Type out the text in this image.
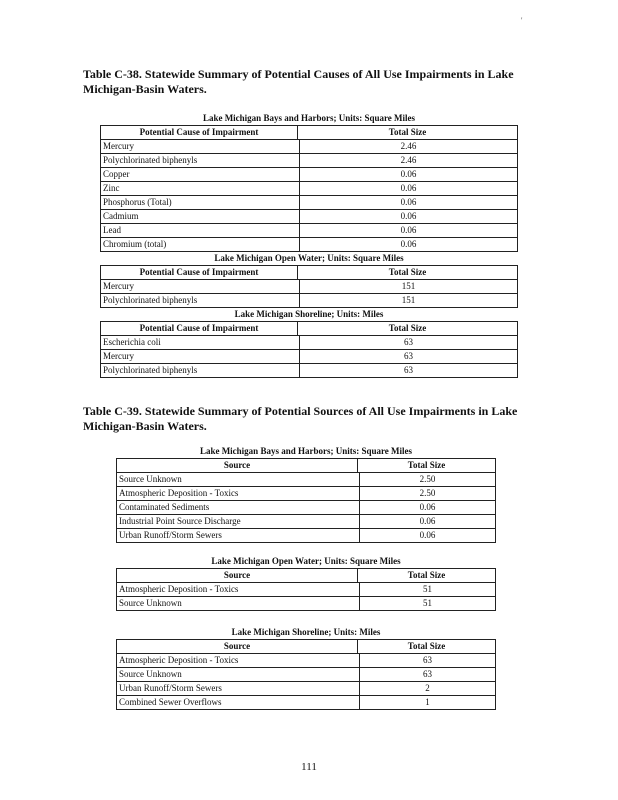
'
Table C-38. Statewide Summary of Potential Causes of All Use Impairments in Lake Michigan-Basin Waters.
Lake Michigan Bays and Harbors; Units: Square Miles
Potential Cause of Impairment	Total Size
Mercury	2.46
Polychlorinated biphenyls	2.46
Copper	0.06
Zinc	0.06
Phosphorus (Total)	0.06
Cadmium	0.06
Lead	0.06
Chromium (total)	0.06
Lake Michigan Open Water; Units: Square Miles
Potential Cause of Impairment	Total Size
Mercury	151
Polychlorinated biphenyls	151
Lake Michigan Shoreline; Units: Miles
Potential Cause of Impairment	Total Size
Escherichia coli	63
Mercury	63
Polychlorinated biphenyls	63
Table C-39. Statewide Summary of Potential Sources of All Use Impairments in Lake Michigan-Basin Waters.
Lake Michigan Bays and Harbors; Units: Square Miles
Source	Total Size
Source Unknown	2.50
Atmospheric Deposition - Toxics	2.50
Contaminated Sediments	0.06
Industrial Point Source Discharge	0.06
Urban Runoff/Storm Sewers	0.06
Lake Michigan Open Water; Units: Square Miles
Source	Total Size
Atmospheric Deposition - Toxics	51
Source Unknown	51
Lake Michigan Shoreline; Units: Miles
Source	Total Size
Atmospheric Deposition - Toxics	63
Source Unknown	63
Urban Runoff/Storm Sewers	2
Combined Sewer Overflows	1
111
